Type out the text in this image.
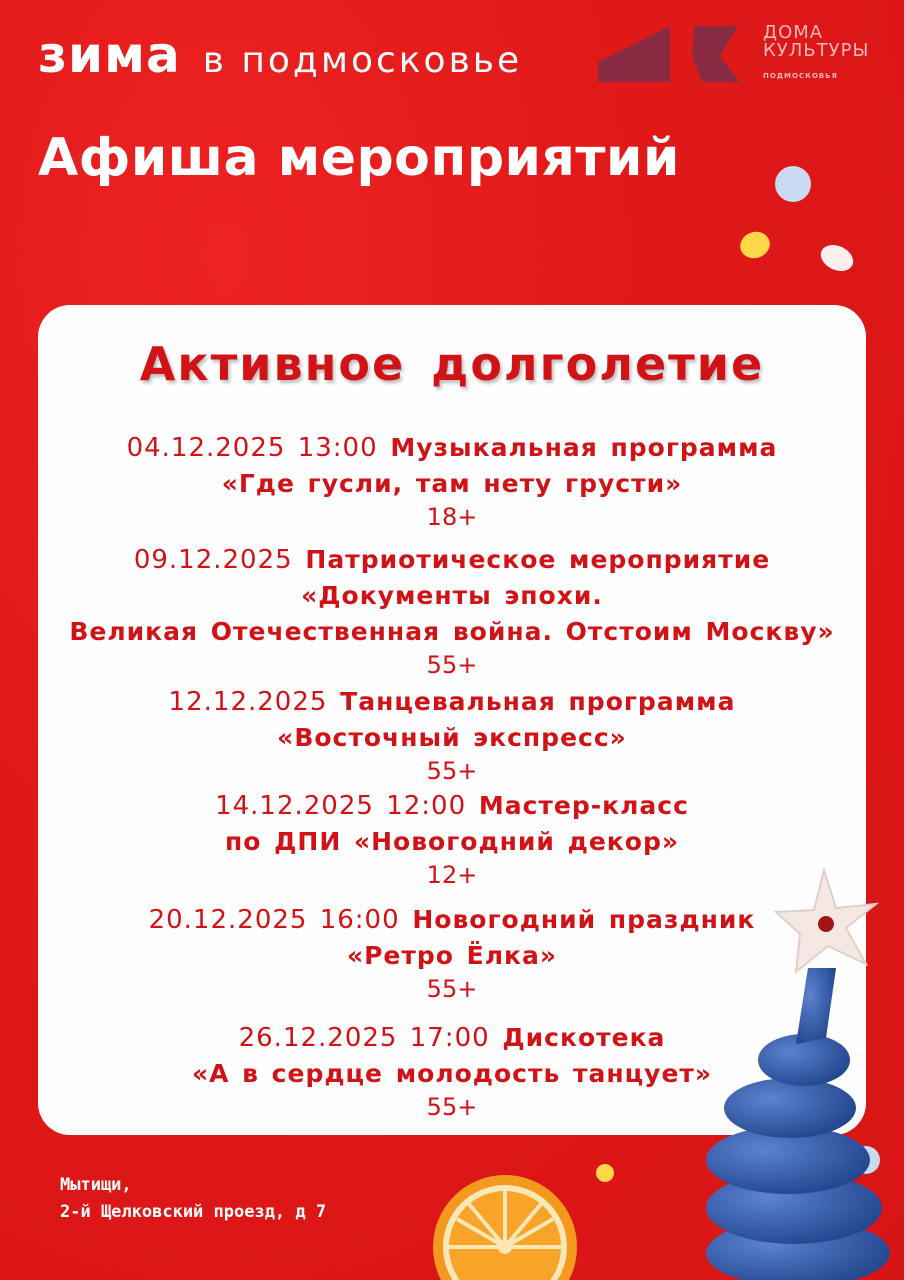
зима в подмосковье
ДОМА
КУЛЬТУРЫ
ПОДМОСКОВЬЯ
Афиша мероприятий
Активное долголетие
04.12.2025 13:00 Музыкальная программа
«Где гусли, там нету грусти»
18+
09.12.2025 Патриотическое мероприятие
«Документы эпохи.
Великая Отечественная война. Отстоим Москву»
55+
12.12.2025 Танцевальная программа
«Восточный экспресс»
55+
14.12.2025 12:00 Мастер-класс
по ДПИ «Новогодний декор»
12+
20.12.2025 16:00 Новогодний праздник
«Ретро Ёлка»
55+
26.12.2025 17:00 Дискотека
«А в сердце молодость танцует»
55+
Мытищи,
2-й Щелковский проезд, д 7
